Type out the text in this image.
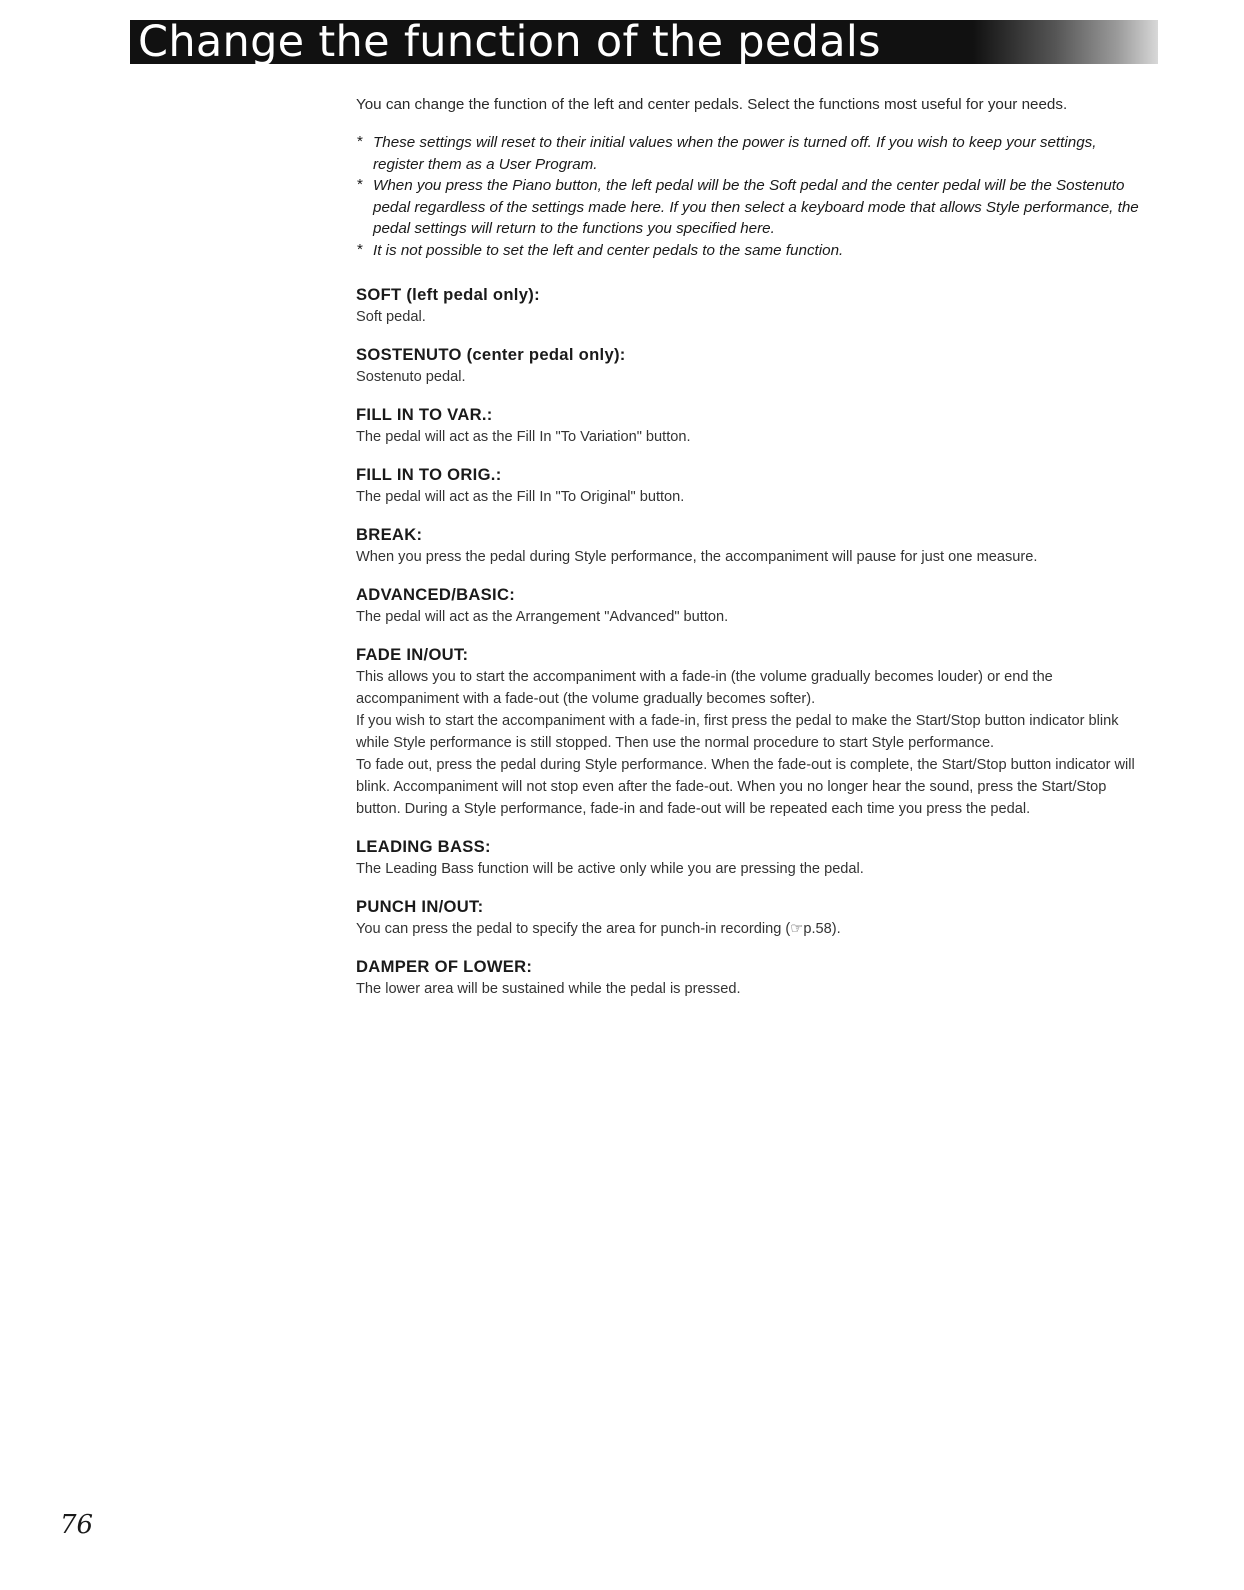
Change the function of the pedals

You can change the function of the left and center pedals. Select the functions most useful for your needs.

* These settings will reset to their initial values when the power is turned off. If you wish to keep your settings, register them as a User Program.
* When you press the Piano button, the left pedal will be the Soft pedal and the center pedal will be the Sostenuto pedal regardless of the settings made here. If you then select a keyboard mode that allows Style performance, the pedal settings will return to the functions you specified here.
* It is not possible to set the left and center pedals to the same function.
SOFT (left pedal only):

Soft pedal.

SOSTENUTO (center pedal only):

Sostenuto pedal.

FILL IN TO VAR.:

The pedal will act as the Fill In "To Variation" button.

FILL IN TO ORIG.:

The pedal will act as the Fill In "To Original" button.

BREAK:

When you press the pedal during Style performance, the accompaniment will pause for just one measure.

ADVANCED/BASIC:

The pedal will act as the Arrangement "Advanced" button.

FADE IN/OUT:

This allows you to start the accompaniment with a fade-in (the volume gradually becomes louder) or end the accompaniment with a fade-out (the volume gradually becomes softer).

If you wish to start the accompaniment with a fade-in, first press the pedal to make the Start/Stop button indicator blink while Style performance is still stopped. Then use the normal procedure to start Style performance.

To fade out, press the pedal during Style performance. When the fade-out is complete, the Start/Stop button indicator will blink. Accompaniment will not stop even after the fade-out. When you no longer hear the sound, press the Start/Stop button. During a Style performance, fade-in and fade-out will be repeated each time you press the pedal.

LEADING BASS:

The Leading Bass function will be active only while you are pressing the pedal.

PUNCH IN/OUT:

You can press the pedal to specify the area for punch-in recording (☞p.58).

DAMPER OF LOWER:

The lower area will be sustained while the pedal is pressed.

76
